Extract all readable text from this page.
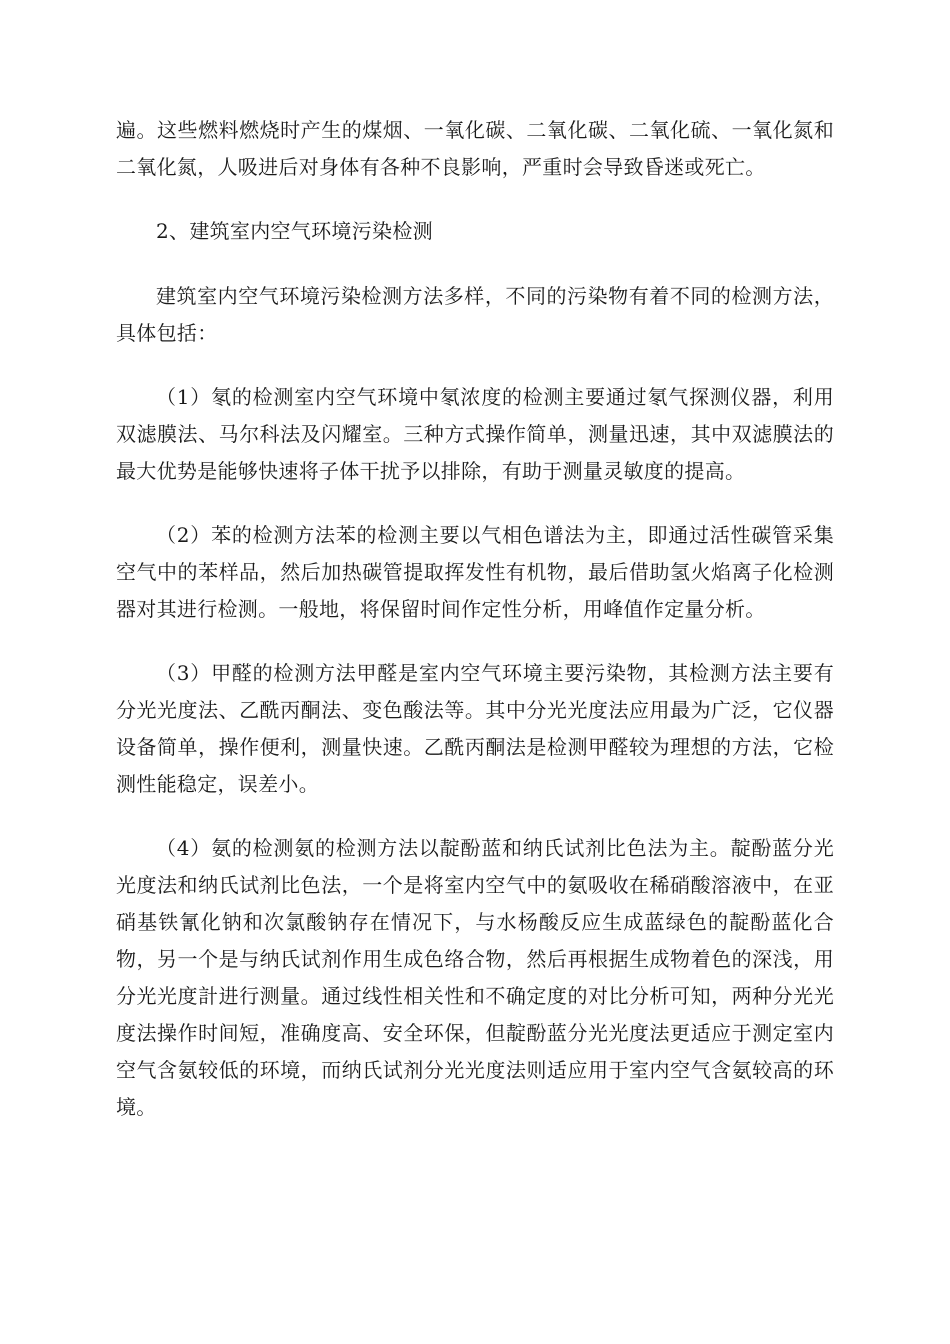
遍。这些燃料燃烧时产生的煤烟、一氧化碳、二氧化碳、二氧化硫、一氧化氮和二氧化氮，人吸进后对身体有各种不良影响，严重时会导致昏迷或死亡。

2、建筑室内空气环境污染检测

建筑室内空气环境污染检测方法多样，不同的污染物有着不同的检测方法，具体包括：

（1）氡的检测室内空气环境中氡浓度的检测主要通过氡气探测仪器，利用双滤膜法、马尔科法及闪耀室。三种方式操作简单，测量迅速，其中双滤膜法的最大优势是能够快速将子体干扰予以排除，有助于测量灵敏度的提高。

（2）苯的检测方法苯的检测主要以气相色谱法为主，即通过活性碳管采集空气中的苯样品，然后加热碳管提取挥发性有机物，最后借助氢火焰离子化检测器对其进行检测。一般地，将保留时间作定性分析，用峰值作定量分析。

（3）甲醛的检测方法甲醛是室内空气环境主要污染物，其检测方法主要有分光光度法、乙酰丙酮法、变色酸法等。其中分光光度法应用最为广泛，它仪器设备简单，操作便利，测量快速。乙酰丙酮法是检测甲醛较为理想的方法，它检测性能稳定，误差小。

（4）氨的检测氨的检测方法以靛酚蓝和纳氏试剂比色法为主。靛酚蓝分光光度法和纳氏试剂比色法，一个是将室内空气中的氨吸收在稀硝酸溶液中，在亚硝基铁氰化钠和次氯酸钠存在情况下，与水杨酸反应生成蓝绿色的靛酚蓝化合物，另一个是与纳氏试剂作用生成色络合物，然后再根据生成物着色的深浅，用分光光度計进行测量。通过线性相关性和不确定度的对比分析可知，两种分光光度法操作时间短，准确度高、安全环保，但靛酚蓝分光光度法更适应于测定室内空气含氨较低的环境，而纳氏试剂分光光度法则适应用于室内空气含氨较高的环境。
